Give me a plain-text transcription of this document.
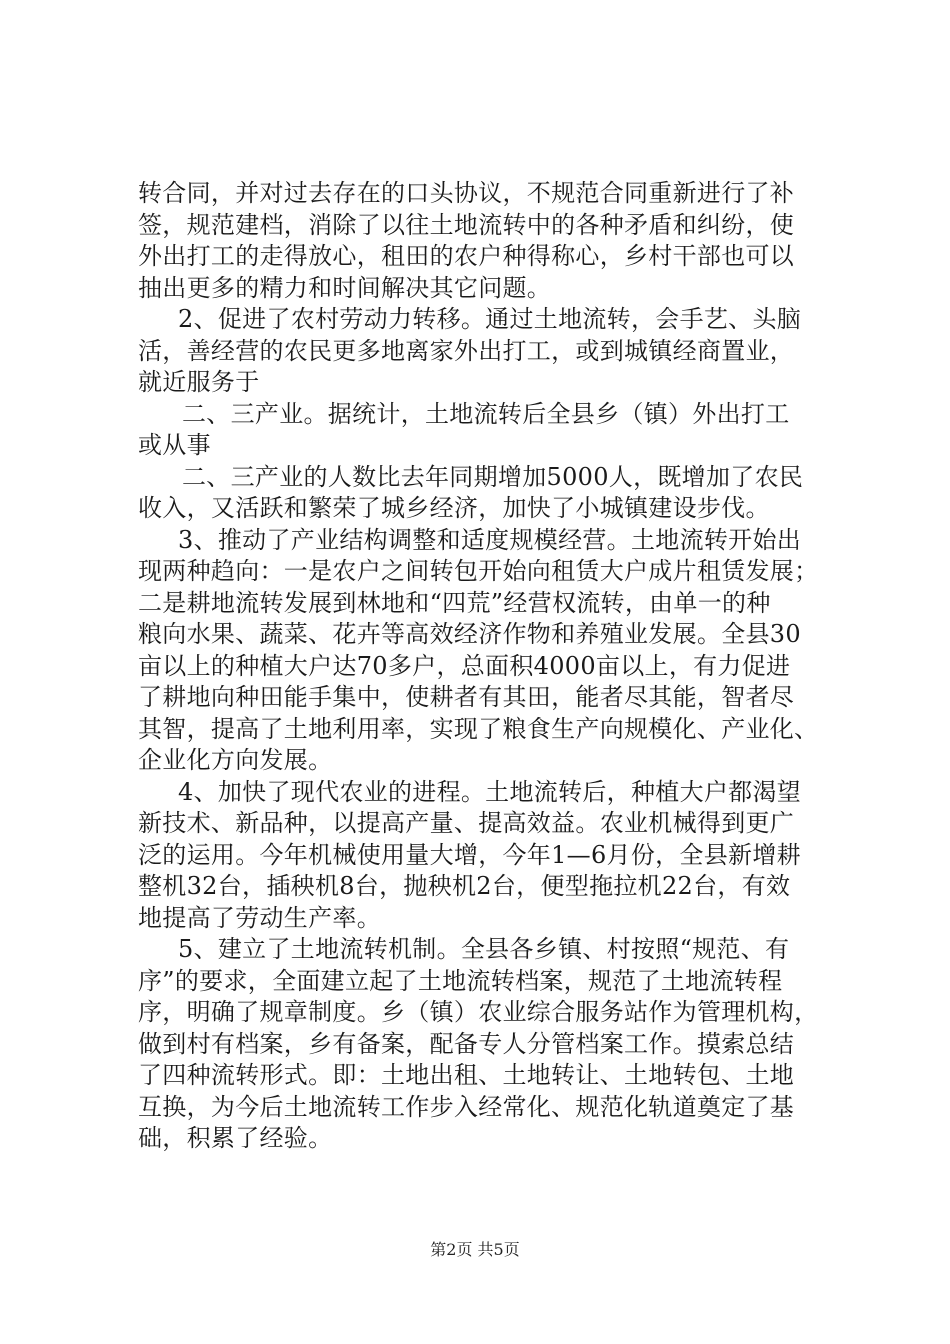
转合同，并对过去存在的口头协议，不规范合同重新进行了补
签，规范建档，消除了以往土地流转中的各种矛盾和纠纷，使
外出打工的走得放心，租田的农户种得称心，乡村干部也可以
抽出更多的精力和时间解决其它问题。
2、促进了农村劳动力转移。通过土地流转，会手艺、头脑
活，善经营的农民更多地离家外出打工，或到城镇经商置业，
就近服务于
二、三产业。据统计，土地流转后全县乡（镇）外出打工
或从事
二、三产业的人数比去年同期增加5000人，既增加了农民
收入，又活跃和繁荣了城乡经济，加快了小城镇建设步伐。
3、推动了产业结构调整和适度规模经营。土地流转开始出
现两种趋向：一是农户之间转包开始向租赁大户成片租赁发展；
二是耕地流转发展到林地和“四荒”经营权流转，由单一的种
粮向水果、蔬菜、花卉等高效经济作物和养殖业发展。全县30
亩以上的种植大户达70多户，总面积4000亩以上，有力促进
了耕地向种田能手集中，使耕者有其田，能者尽其能，智者尽
其智，提高了土地利用率，实现了粮食生产向规模化、产业化、
企业化方向发展。
4、加快了现代农业的进程。土地流转后，种植大户都渴望
新技术、新品种，以提高产量、提高效益。农业机械得到更广
泛的运用。今年机械使用量大增，今年1—6月份，全县新增耕
整机32台，插秧机8台，抛秧机2台，便型拖拉机22台，有效
地提高了劳动生产率。
5、建立了土地流转机制。全县各乡镇、村按照“规范、有
序”的要求，全面建立起了土地流转档案，规范了土地流转程
序，明确了规章制度。乡（镇）农业综合服务站作为管理机构，
做到村有档案，乡有备案，配备专人分管档案工作。摸索总结
了四种流转形式。即：土地出租、土地转让、土地转包、土地
互换，为今后土地流转工作步入经常化、规范化轨道奠定了基
础，积累了经验。
第2页 共5页
